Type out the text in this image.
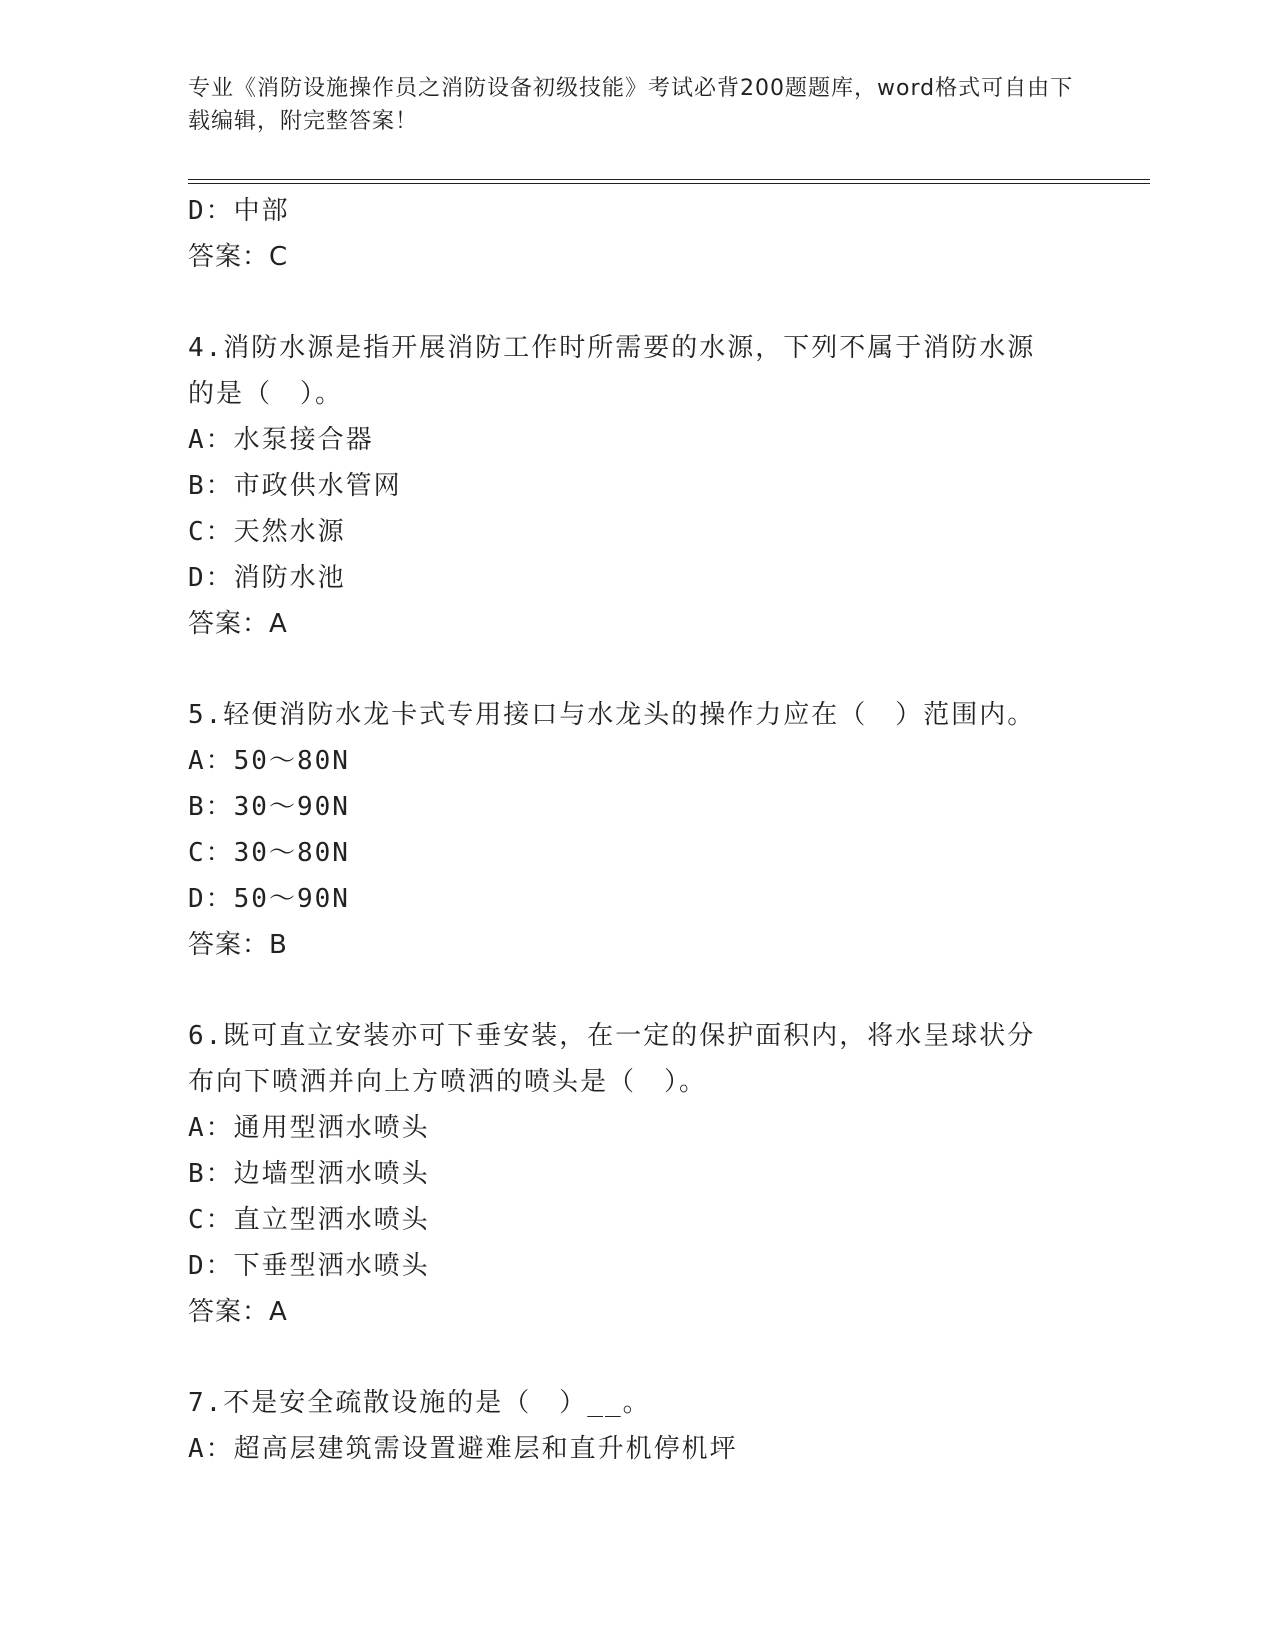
专业《消防设施操作员之消防设备初级技能》考试必背200题题库，word格式可自由下载编辑，附完整答案！
D：中部
答案：C
4.消防水源是指开展消防工作时所需要的水源，下列不属于消防水源
的是（　）。
A：水泵接合器
B：市政供水管网
C：天然水源
D：消防水池
答案：A
5.轻便消防水龙卡式专用接口与水龙头的操作力应在（　）范围内。
A：50～80N
B：30～90N
C：30～80N
D：50～90N
答案：B
6.既可直立安装亦可下垂安装，在一定的保护面积内，将水呈球状分
布向下喷洒并向上方喷洒的喷头是（　）。
A：通用型洒水喷头
B：边墙型洒水喷头
C：直立型洒水喷头
D：下垂型洒水喷头
答案：A
7.不是安全疏散设施的是（　）__。
A：超高层建筑需设置避难层和直升机停机坪
